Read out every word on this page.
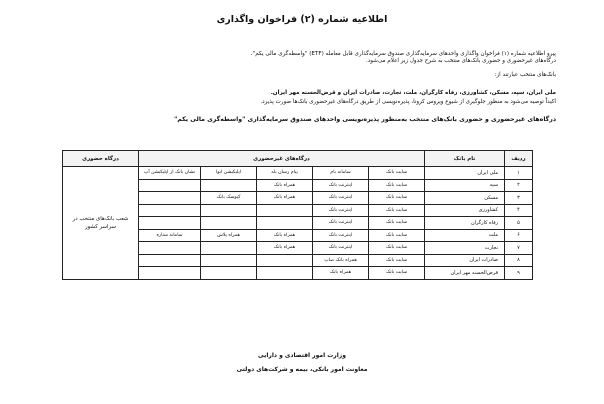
اطلاعیه شماره (۲) فراخوان واگذاری
پیرو اطلاعیه شماره (۱) فراخوان واگذاری واحدهای سرمایه‌گذاری صندوق سرمایه‌گذاری قابل معامله (ETF) "واسطه‌گری مالی یکم"،
درگاه‌های غیرحضوری و حضوری بانک‌های منتخب به شرح جدول زیر اعلام می‌شود.
بانک‌های منتخب عبارتند از:
ملی ایران، سپه، مسکن، کشاورزی، رفاه کارگران، ملت، تجارت، صادرات ایران و قرض‌الحسنه مهر ایران.
اکیداً توصیه می‌شود به منظور جلوگیری از شیوع ویروس کرونا، پذیره‌نویسی از طریق درگاه‌های غیرحضوری بانک‌ها صورت پذیرد.
درگاه‌های غیرحضوری و حضوری بانک‌های منتخب به‌منظور پذیره‌نویسی واحدهای صندوق سرمایه‌گذاری "واسطه‌گری مالی یکم"
ردیف	نام بانک	درگاه‌های غیرحضوری					درگاه حضوری
۱	ملی ایران	سایت بانک	سامانه بام	پیام رسان بله	اپلیکیشن ابوا	نشان بانک از اپلیکیشن آپ	شعب بانک‌های منتخب در سراسر کشور
۲	سپه	سایت بانک	اینترنت بانک	همراه بانک			
۳	مسکن	سایت بانک	اینترنت بانک	همراه بانک	کیوسک بانک		
۴	کشاورزی	سایت بانک	اینترنت بانک				
۵	رفاه کارگران	سایت بانک	اینترنت بانک				
۶	ملت	سایت بانک	اینترنت بانک	همراه بانک	همراه پلاس	سامانه ستاره	
۷	تجارت	سایت بانک	اینترنت بانک	همراه بانک			
۸	صادرات ایران	سایت بانک	همراه بانک صاپ				
۹	قرض‌الحسنه مهر ایران	سایت بانک	همراه بانک				
وزارت امور اقتصادی و دارایی
معاونت امور بانکی، بیمه و شرکت‌های دولتی
